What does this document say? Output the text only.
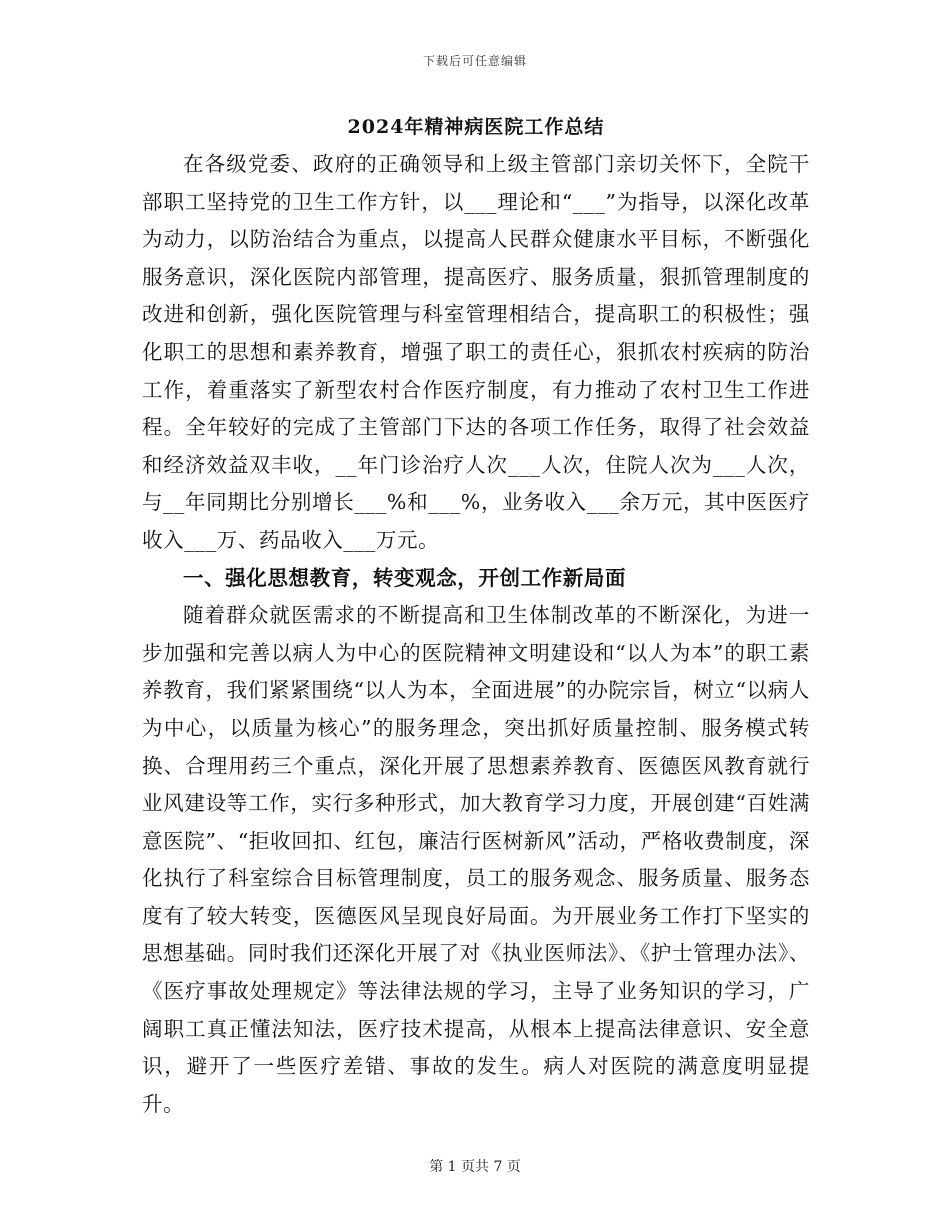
下载后可任意编辑
2024年精神病医院工作总结

在各级党委、政府的正确领导和上级主管部门亲切关怀下，全院干部职工坚持党的卫生工作方针，以___理论和“___”为指导，以深化改革为动力，以防治结合为重点，以提高人民群众健康水平目标，不断强化服务意识，深化医院内部管理，提高医疗、服务质量，狠抓管理制度的改进和创新，强化医院管理与科室管理相结合，提高职工的积极性；强化职工的思想和素养教育，增强了职工的责任心，狠抓农村疾病的防治工作，着重落实了新型农村合作医疗制度，有力推动了农村卫生工作进程。全年较好的完成了主管部门下达的各项工作任务，取得了社会效益和经济效益双丰收，__年门诊治疗人次___人次，住院人次为___人次，与__年同期比分别增长___%和___%，业务收入___余万元，其中医医疗收入___万、药品收入___万元。

一、强化思想教育，转变观念，开创工作新局面

随着群众就医需求的不断提高和卫生体制改革的不断深化，为进一步加强和完善以病人为中心的医院精神文明建设和“以人为本”的职工素养教育，我们紧紧围绕“以人为本，全面进展”的办院宗旨，树立“以病人为中心，以质量为核心”的服务理念，突出抓好质量控制、服务模式转换、合理用药三个重点，深化开展了思想素养教育、医德医风教育就行业风建设等工作，实行多种形式，加大教育学习力度，开展创建“百姓满意医院”、“拒收回扣、红包，廉洁行医树新风”活动，严格收费制度，深化执行了科室综合目标管理制度，员工的服务观念、服务质量、服务态度有了较大转变，医德医风呈现良好局面。为开展业务工作打下坚实的思想基础。同时我们还深化开展了对《执业医师法》、《护士管理办法》、《医疗事故处理规定》等法律法规的学习，主导了业务知识的学习，广阔职工真正懂法知法，医疗技术提高，从根本上提高法律意识、安全意识，避开了一些医疗差错、事故的发生。病人对医院的满意度明显提升。

第 1 页共 7 页
